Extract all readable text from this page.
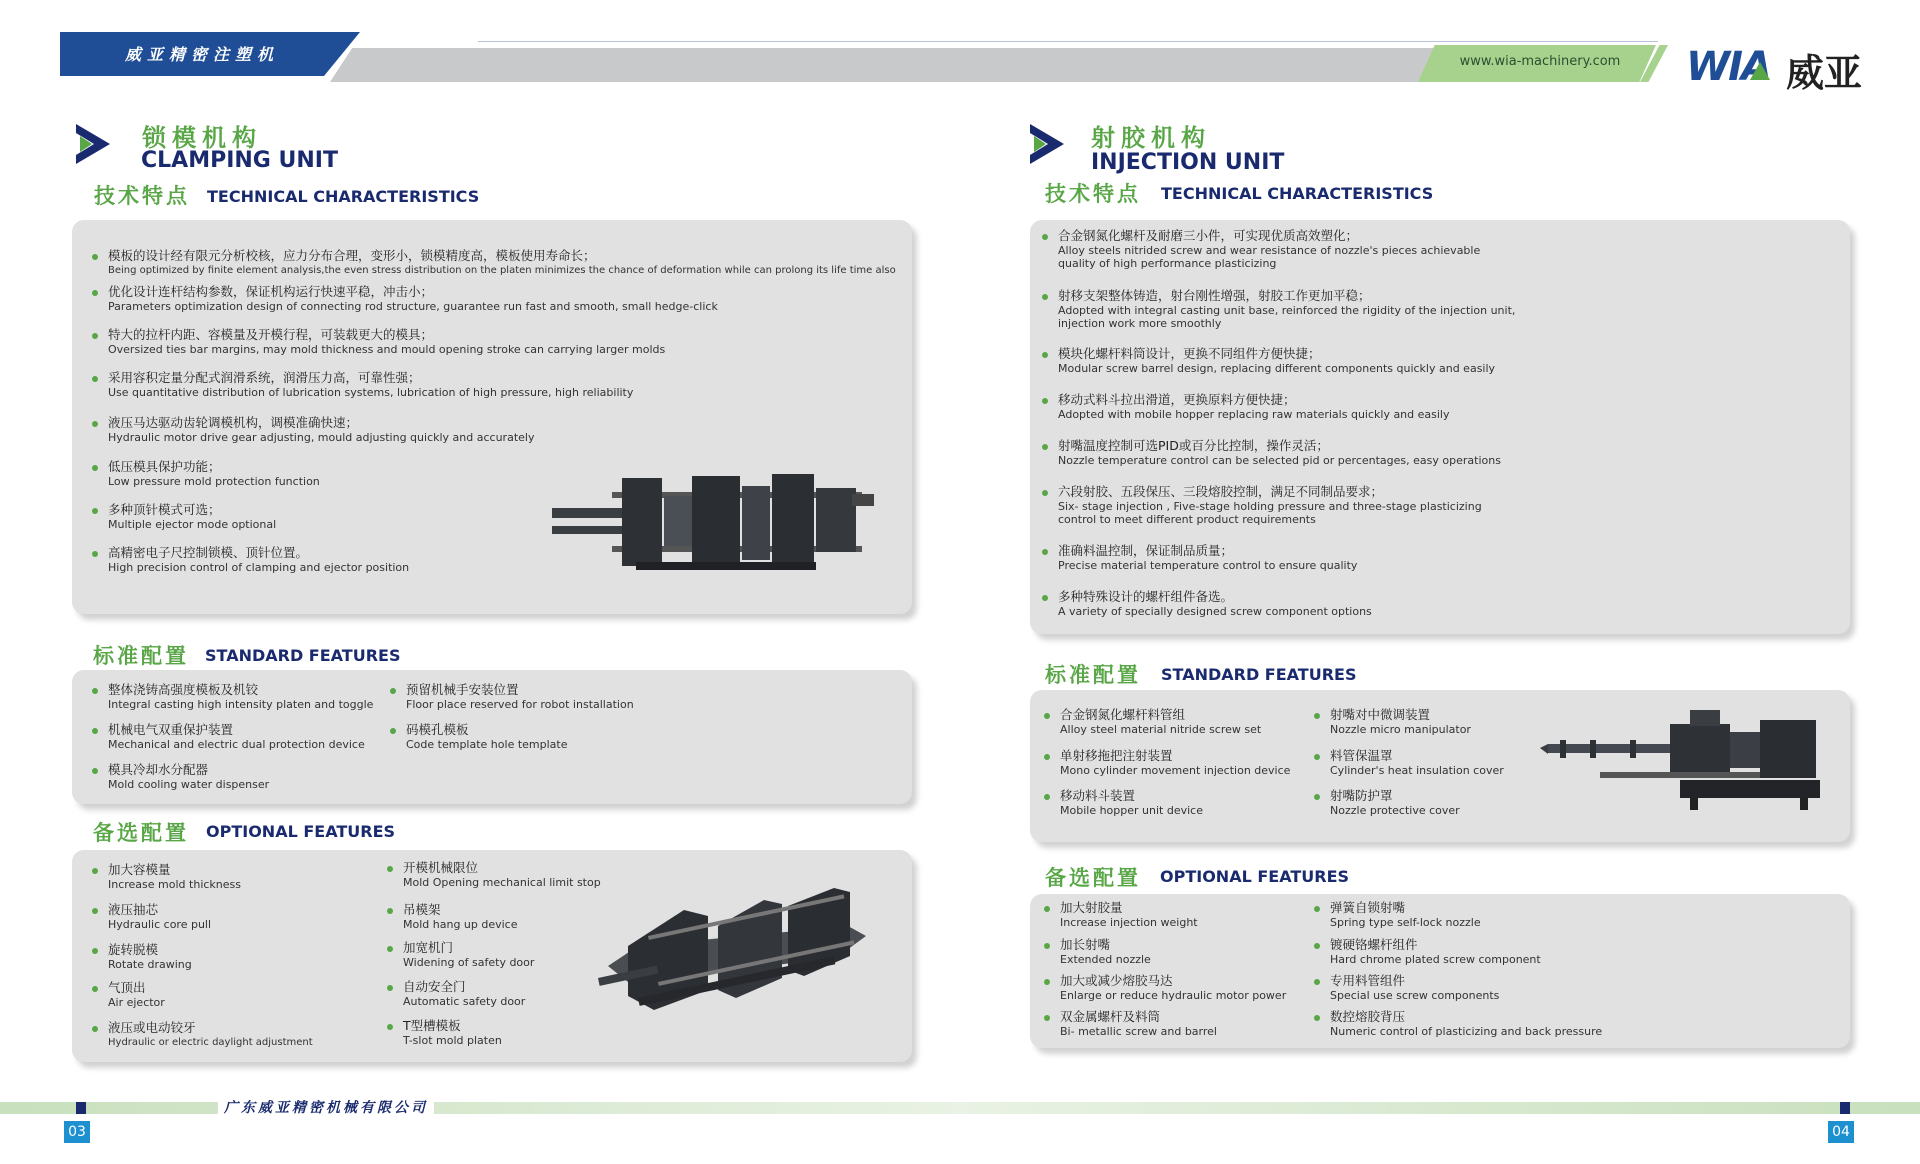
威亚精密注塑机	www.wia-machinery.com	WIA 威亚
锁模机构
CLAMPING UNIT
技术特点 TECHNICAL CHARACTERISTICS
模板的设计经有限元分析校核，应力分布合理，变形小，锁模精度高，模板使用寿命长；
Being optimized by finite element analysis,the even stress distribution on the platen minimizes the chance of deformation while can prolong its life time also
优化设计连杆结构参数，保证机构运行快速平稳，冲击小；
Parameters optimization design of connecting rod structure, guarantee run fast and smooth, small hedge-click
特大的拉杆内距、容模量及开模行程，可装载更大的模具；
Oversized ties bar margins, may mold thickness and mould opening stroke can carrying larger molds
采用容积定量分配式润滑系统，润滑压力高，可靠性强；
Use quantitative distribution of lubrication systems, lubrication of high pressure, high reliability
液压马达驱动齿轮调模机构，调模准确快速；
Hydraulic motor drive gear adjusting, mould adjusting quickly and accurately
低压模具保护功能；
Low pressure mold protection function
多种顶针模式可选；
Multiple ejector mode optional
高精密电子尺控制锁模、顶针位置。
High precision control of clamping and ejector position
标准配置 STANDARD FEATURES
整体浇铸高强度模板及机铰
Integral casting high intensity platen and toggle
机械电气双重保护装置
Mechanical and electric dual protection device
模具冷却水分配器
Mold cooling water dispenser
预留机械手安装位置
Floor place reserved for robot installation
码模孔模板
Code template hole template
备选配置 OPTIONAL FEATURES
加大容模量
Increase mold thickness
液压抽芯
Hydraulic core pull
旋转脱模
Rotate drawing
气顶出
Air ejector
液压或电动铰牙
Hydraulic or electric daylight adjustment
开模机械限位
Mold Opening mechanical limit stop
吊模架
Mold hang up device
加宽机门
Widening of safety door
自动安全门
Automatic safety door
T型槽模板
T-slot mold platen
射胶机构
INJECTION UNIT
技术特点 TECHNICAL CHARACTERISTICS
合金钢氮化螺杆及耐磨三小件，可实现优质高效塑化；
Alloy steels nitrided screw and wear resistance of nozzle's pieces achievable
quality of high performance plasticizing
射移支架整体铸造，射台刚性增强，射胶工作更加平稳；
Adopted with integral casting unit base, reinforced the rigidity of the injection unit,
injection work more smoothly
模块化螺杆料筒设计，更换不同组件方便快捷；
Modular screw barrel design, replacing different components quickly and easily
移动式料斗拉出滑道，更换原料方便快捷；
Adopted with mobile hopper replacing raw materials quickly and easily
射嘴温度控制可选PID或百分比控制，操作灵活；
Nozzle temperature control can be selected pid or percentages, easy operations
六段射胶、五段保压、三段熔胶控制，满足不同制品要求；
Six- stage injection , Five-stage holding pressure and three-stage plasticizing
control to meet different product requirements
准确料温控制，保证制品质量；
Precise material temperature control to ensure quality
多种特殊设计的螺杆组件备选。
A variety of specially designed screw component options
标准配置 STANDARD FEATURES
合金钢氮化螺杆料管组
Alloy steel material nitride screw set
单射移拖把注射装置
Mono cylinder movement injection device
移动料斗装置
Mobile hopper unit device
射嘴对中微调装置
Nozzle micro manipulator
料管保温罩
Cylinder's heat insulation cover
射嘴防护罩
Nozzle protective cover
备选配置 OPTIONAL FEATURES
加大射胶量
Increase injection weight
加长射嘴
Extended nozzle
加大或减少熔胶马达
Enlarge or reduce hydraulic motor power
双金属螺杆及料筒
Bi- metallic screw and barrel
弹簧自锁射嘴
Spring type self-lock nozzle
镀硬铬螺杆组件
Hard chrome plated screw component
专用料管组件
Special use screw components
数控熔胶背压
Numeric control of plasticizing and back pressure
广东威亚精密机械有限公司
03	04
